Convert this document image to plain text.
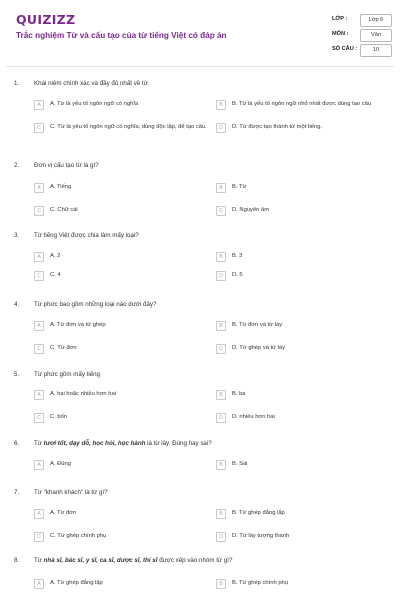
QUIZIZZ
Trắc nghiệm Từ và cấu tạo của từ tiếng Việt có đáp án
LỚP :	Lớp 6
MÔN :	Văn
SỐ CÂU :	10
1. Khái niệm chính xác và đầy đủ nhất về từ
A	A. Từ là yếu tố ngôn ngữ có nghĩa	B	B. Từ là yếu tố ngôn ngữ nhỏ nhất được dùng tạo câu
C	C. Từ là yếu tố ngôn ngữ có nghĩa, dùng độc lập, để tạo câu.	D	D. Từ được tạo thành từ một tiếng.
2. Đơn vị cấu tạo từ là gì?
A	A. Tiếng	B	B. Từ
C	C. Chữ cái	D	D. Nguyên âm
3. Từ tiếng Việt được chia làm mấy loại?
A	A. 2	B	B. 3
C	C. 4	D	D. 5
4. Từ phức bao gồm những loại nào dưới đây?
A	A. Từ đơn và từ ghép	B	B. Từ đơn và từ láy
C	C. Từ đơn	D	D. Từ ghép và từ láy
5. Từ phức gồm mấy tiếng
A	A. hai hoặc nhiều hơn hai	B	B. ba
C	C. bốn	D	D. nhiều hơn hai
6. Từ tươi tốt, dạy dỗ, học hỏi, học hành là từ láy. Đúng hay sai?
A	A. Đúng	B	B. Sai
7. Từ "khanh khách" là từ gì?
A	A. Từ đơn	B	B. Từ ghép đẳng lập
C	C. Từ ghép chính phụ	D	D. Từ láy tượng thanh
8. Từ nhà sĩ, bác sĩ, y sĩ, ca sĩ, dược sĩ, thi sĩ được xếp vào nhóm từ gì?
A	A. Từ ghép đẳng lập	B	B. Từ ghép chính phụ
